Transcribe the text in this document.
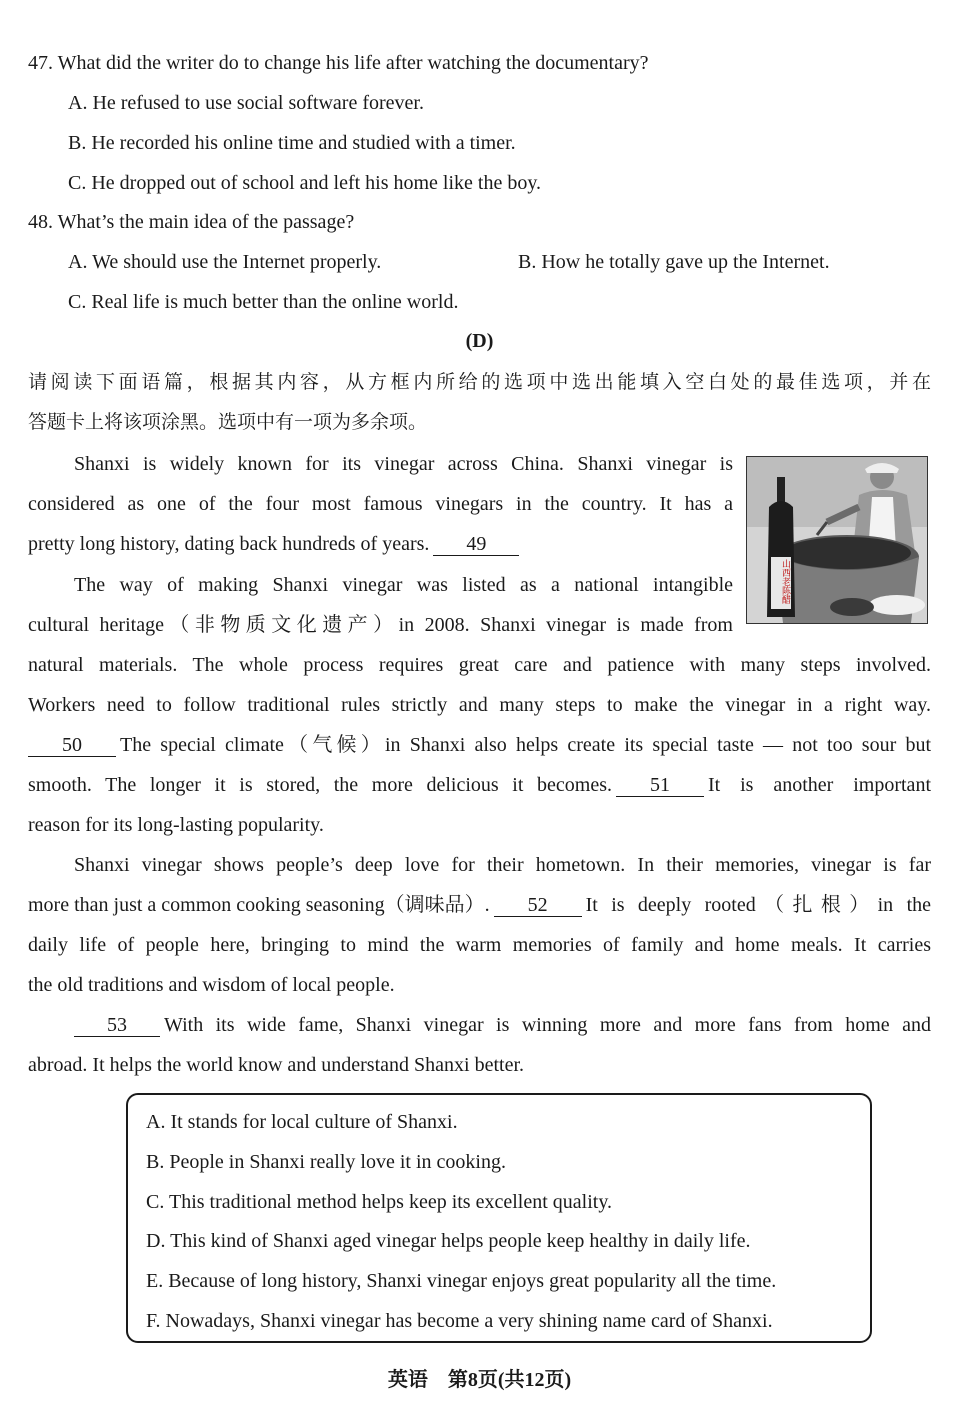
47. What did the writer do to change his life after watching the documentary?
A. He refused to use social software forever.
B. He recorded his online time and studied with a timer.
C. He dropped out of school and left his home like the boy.
48. What’s the main idea of the passage?
A. We should use the Internet properly.	B. How he totally gave up the Internet.
C. Real life is much better than the online world.
(D)
请阅读下面语篇，根据其内容，从方框内所给的选项中选出能填入空白处的最佳选项，并在
答题卡上将该项涂黑。选项中有一项为多余项。
Shanxi is widely known for its vinegar across China. Shanxi vinegar is
considered as one of the four most famous vinegars in the country. It has a
pretty long history, dating back hundreds of years. 49
山西老陈醋
The way of making Shanxi vinegar was listed as a national intangible
cultural heritage（非物质文化遗产）in 2008. Shanxi vinegar is made from
natural materials. The whole process requires great care and patience with many steps involved.
Workers need to follow traditional rules strictly and many steps to make the vinegar in a right way.
50	The special climate（气候）in Shanxi also helps create its special taste — not too sour but
smooth. The longer it is stored, the more delicious it becomes.	51	It is another important
reason for its long-lasting popularity.
Shanxi vinegar shows people’s deep love for their hometown. In their memories, vinegar is far
more than just a common cooking seasoning（调味品）.	52	It is deeply rooted（扎根）in the
daily life of people here, bringing to mind the warm memories of family and home meals. It carries
the old traditions and wisdom of local people.
53	With its wide fame, Shanxi vinegar is winning more and more fans from home and
abroad. It helps the world know and understand Shanxi better.
A. It stands for local culture of Shanxi.
B. People in Shanxi really love it in cooking.
C. This traditional method helps keep its excellent quality.
D. This kind of Shanxi aged vinegar helps people keep healthy in daily life.
E. Because of long history, Shanxi vinegar enjoys great popularity all the time.
F. Nowadays, Shanxi vinegar has become a very shining name card of Shanxi.
英语　第8页(共12页)
